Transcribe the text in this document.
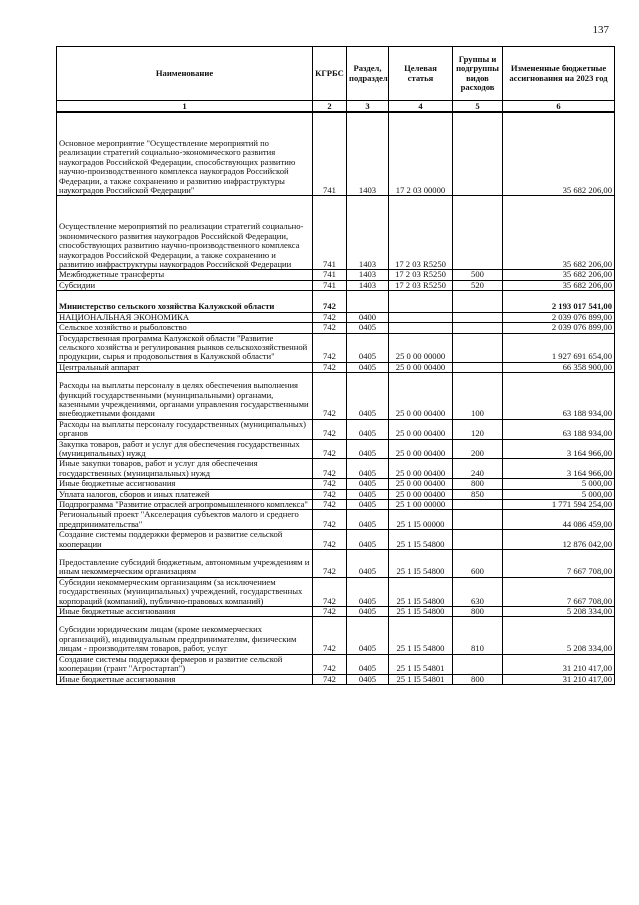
137
Наименование	КГРБС	Раздел, подраздел	Целевая статья	Группы и подгруппы видов расходов	Измененные бюджетные ассигнования на 2023 год
1	2	3	4	5	6
Основное мероприятие "Осуществление мероприятий по реализации стратегий социально-экономического развития наукоградов Российской Федерации, способствующих развитию научно-производственного комплекса наукоградов Российской Федерации, а также сохранению и развитию инфраструктуры наукоградов Российской Федерации"	741	1403	17 2 03 00000		35 682 206,00
Осуществление мероприятий по реализации стратегий социально-экономического развития наукоградов Российской Федерации, способствующих развитию научно-производственного комплекса наукоградов Российской Федерации, а также сохранению и развитию инфраструктуры наукоградов Российской Федерации	741	1403	17 2 03 R5250		35 682 206,00
Межбюджетные трансферты	741	1403	17 2 03 R5250	500	35 682 206,00
Субсидии	741	1403	17 2 03 R5250	520	35 682 206,00
Министерство сельского хозяйства Калужской области	742				2 193 017 541,00
НАЦИОНАЛЬНАЯ ЭКОНОМИКА	742	0400			2 039 076 899,00
Сельское хозяйство и рыболовство	742	0405			2 039 076 899,00
Государственная программа Калужской области "Развитие сельского хозяйства и регулирования рынков сельскохозяйственной продукции, сырья и продовольствия в Калужской области"	742	0405	25 0 00 00000		1 927 691 654,00
Центральный аппарат	742	0405	25 0 00 00400		66 358 900,00
Расходы на выплаты персоналу в целях обеспечения выполнения функций государственными (муниципальными) органами, казенными учреждениями, органами управления государственными внебюджетными фондами	742	0405	25 0 00 00400	100	63 188 934,00
Расходы на выплаты персоналу государственных (муниципальных) органов	742	0405	25 0 00 00400	120	63 188 934,00
Закупка товаров, работ и услуг для обеспечения государственных (муниципальных) нужд	742	0405	25 0 00 00400	200	3 164 966,00
Иные закупки товаров, работ и услуг для обеспечения государственных (муниципальных) нужд	742	0405	25 0 00 00400	240	3 164 966,00
Иные бюджетные ассигнования	742	0405	25 0 00 00400	800	5 000,00
Уплата налогов, сборов и иных платежей	742	0405	25 0 00 00400	850	5 000,00
Подпрограмма "Развитие отраслей агропромышленного комплекса"	742	0405	25 1 00 00000		1 771 594 254,00
Региональный проект "Акселерация субъектов малого и среднего предпринимательства"	742	0405	25 1 I5 00000		44 086 459,00
Создание системы поддержки фермеров и развитие сельской кооперации	742	0405	25 1 I5 54800		12 876 042,00
Предоставление субсидий бюджетным, автономным учреждениям и иным некоммерческим организациям	742	0405	25 1 I5 54800	600	7 667 708,00
Субсидии некоммерческим организациям (за исключением государственных (муниципальных) учреждений, государственных корпораций (компаний), публично-правовых компаний)	742	0405	25 1 I5 54800	630	7 667 708,00
Иные бюджетные ассигнования	742	0405	25 1 I5 54800	800	5 208 334,00
Субсидии юридическим лицам (кроме некоммерческих организаций), индивидуальным предпринимателям, физическим лицам - производителям товаров, работ, услуг	742	0405	25 1 I5 54800	810	5 208 334,00
Создание системы поддержки фермеров и развитие сельской кооперации (грант "Агростартап")	742	0405	25 1 I5 54801		31 210 417,00
Иные бюджетные ассигнования	742	0405	25 1 I5 54801	800	31 210 417,00
